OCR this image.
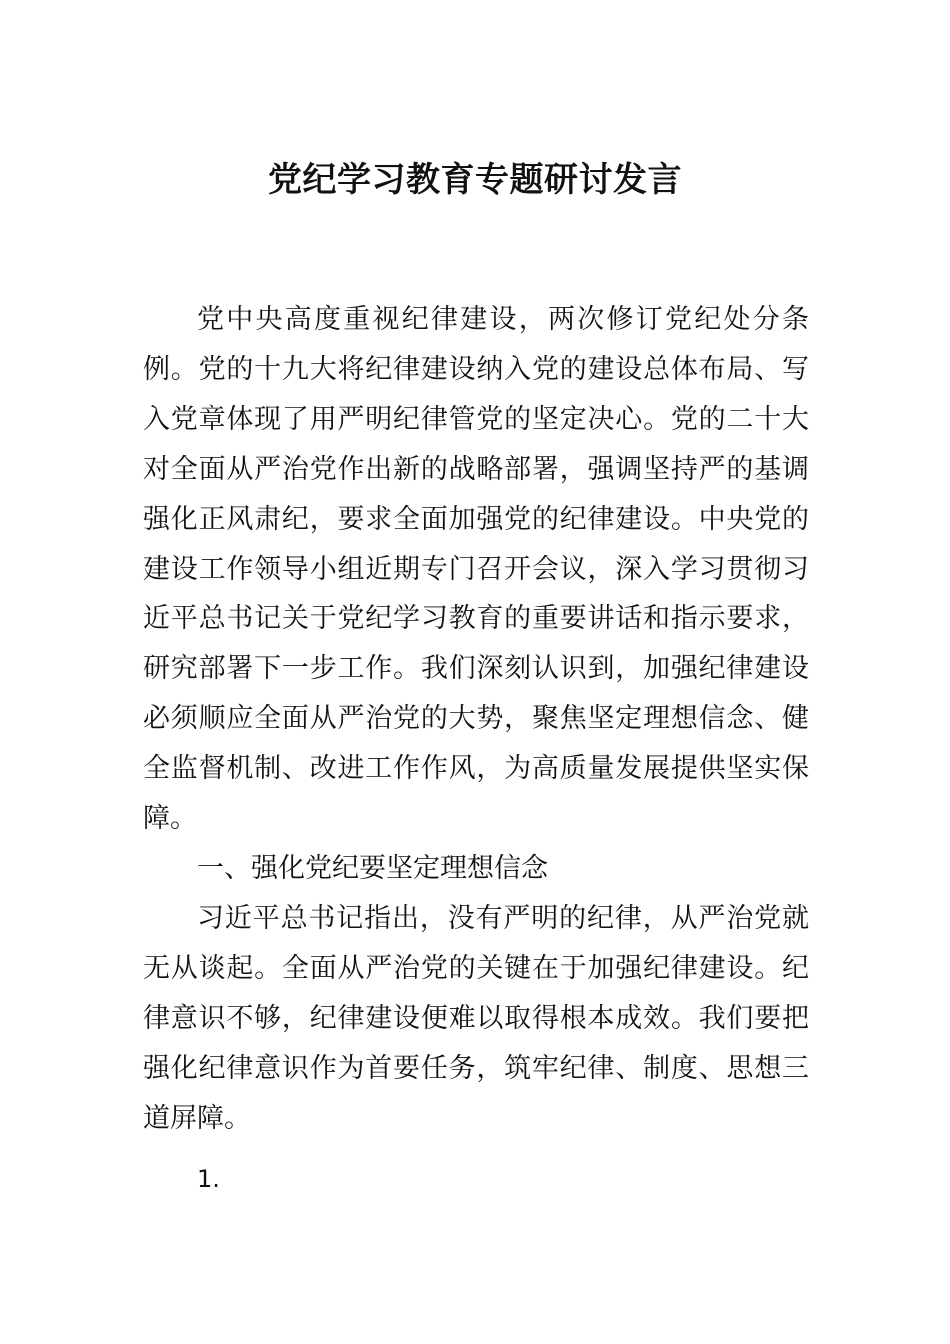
党纪学习教育专题研讨发言

党中央高度重视纪律建设，两次修订党纪处分条例。党的十九大将纪律建设纳入党的建设总体布局、写入党章体现了用严明纪律管党的坚定决心。党的二十大对全面从严治党作出新的战略部署，强调坚持严的基调强化正风肃纪，要求全面加强党的纪律建设。中央党的建设工作领导小组近期专门召开会议，深入学习贯彻习近平总书记关于党纪学习教育的重要讲话和指示要求，研究部署下一步工作。我们深刻认识到，加强纪律建设必须顺应全面从严治党的大势，聚焦坚定理想信念、健全监督机制、改进工作作风，为高质量发展提供坚实保障。

一、强化党纪要坚定理想信念

习近平总书记指出，没有严明的纪律，从严治党就无从谈起。全面从严治党的关键在于加强纪律建设。纪律意识不够，纪律建设便难以取得根本成效。我们要把强化纪律意识作为首要任务，筑牢纪律、制度、思想三道屏障。

1.
